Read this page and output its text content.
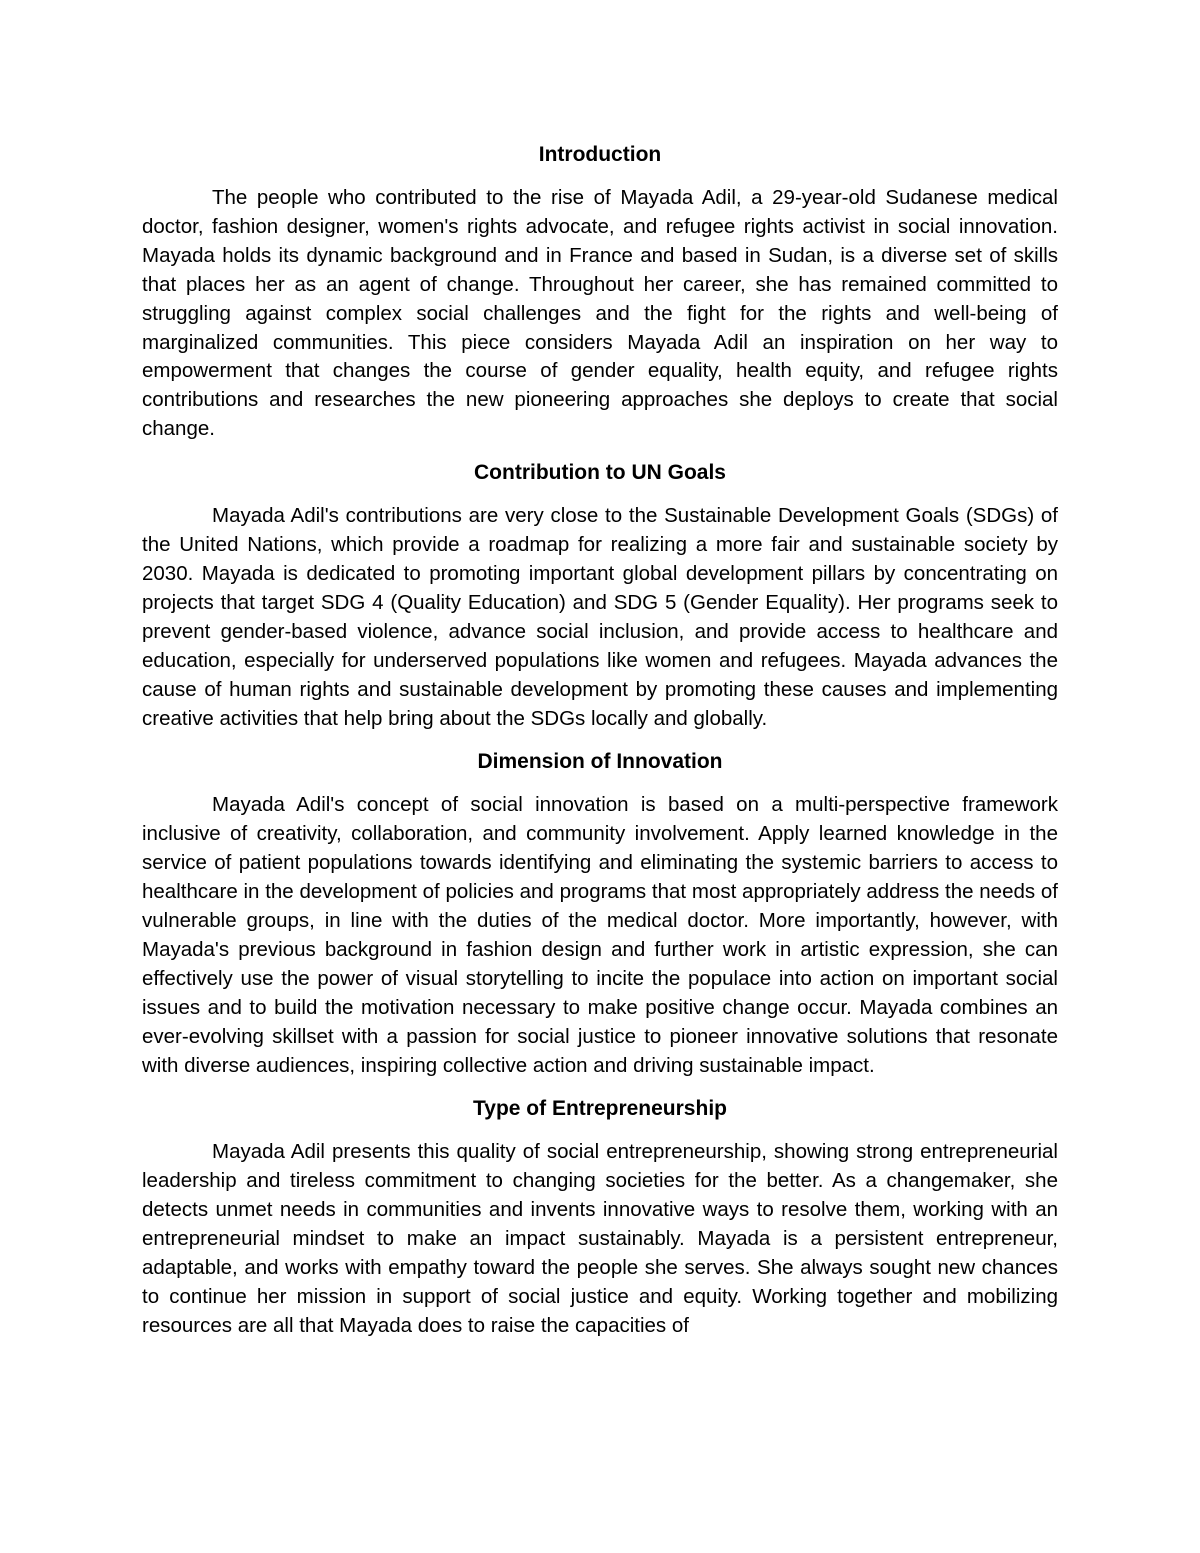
Introduction

The people who contributed to the rise of Mayada Adil, a 29-year-old Sudanese medical doctor, fashion designer, women's rights advocate, and refugee rights activist in social innovation. Mayada holds its dynamic background and in France and based in Sudan, is a diverse set of skills that places her as an agent of change. Throughout her career, she has remained committed to struggling against complex social challenges and the fight for the rights and well-being of marginalized communities. This piece considers Mayada Adil an inspiration on her way to empowerment that changes the course of gender equality, health equity, and refugee rights contributions and researches the new pioneering approaches she deploys to create that social change.

Contribution to UN Goals

Mayada Adil's contributions are very close to the Sustainable Development Goals (SDGs) of the United Nations, which provide a roadmap for realizing a more fair and sustainable society by 2030. Mayada is dedicated to promoting important global development pillars by concentrating on projects that target SDG 4 (Quality Education) and SDG 5 (Gender Equality). Her programs seek to prevent gender-based violence, advance social inclusion, and provide access to healthcare and education, especially for underserved populations like women and refugees. Mayada advances the cause of human rights and sustainable development by promoting these causes and implementing creative activities that help bring about the SDGs locally and globally.

Dimension of Innovation

Mayada Adil's concept of social innovation is based on a multi-perspective framework inclusive of creativity, collaboration, and community involvement. Apply learned knowledge in the service of patient populations towards identifying and eliminating the systemic barriers to access to healthcare in the development of policies and programs that most appropriately address the needs of vulnerable groups, in line with the duties of the medical doctor. More importantly, however, with Mayada's previous background in fashion design and further work in artistic expression, she can effectively use the power of visual storytelling to incite the populace into action on important social issues and to build the motivation necessary to make positive change occur. Mayada combines an ever-evolving skillset with a passion for social justice to pioneer innovative solutions that resonate with diverse audiences, inspiring collective action and driving sustainable impact.

Type of Entrepreneurship

Mayada Adil presents this quality of social entrepreneurship, showing strong entrepreneurial leadership and tireless commitment to changing societies for the better. As a changemaker, she detects unmet needs in communities and invents innovative ways to resolve them, working with an entrepreneurial mindset to make an impact sustainably. Mayada is a persistent entrepreneur, adaptable, and works with empathy toward the people she serves. She always sought new chances to continue her mission in support of social justice and equity. Working together and mobilizing resources are all that Mayada does to raise the capacities of
